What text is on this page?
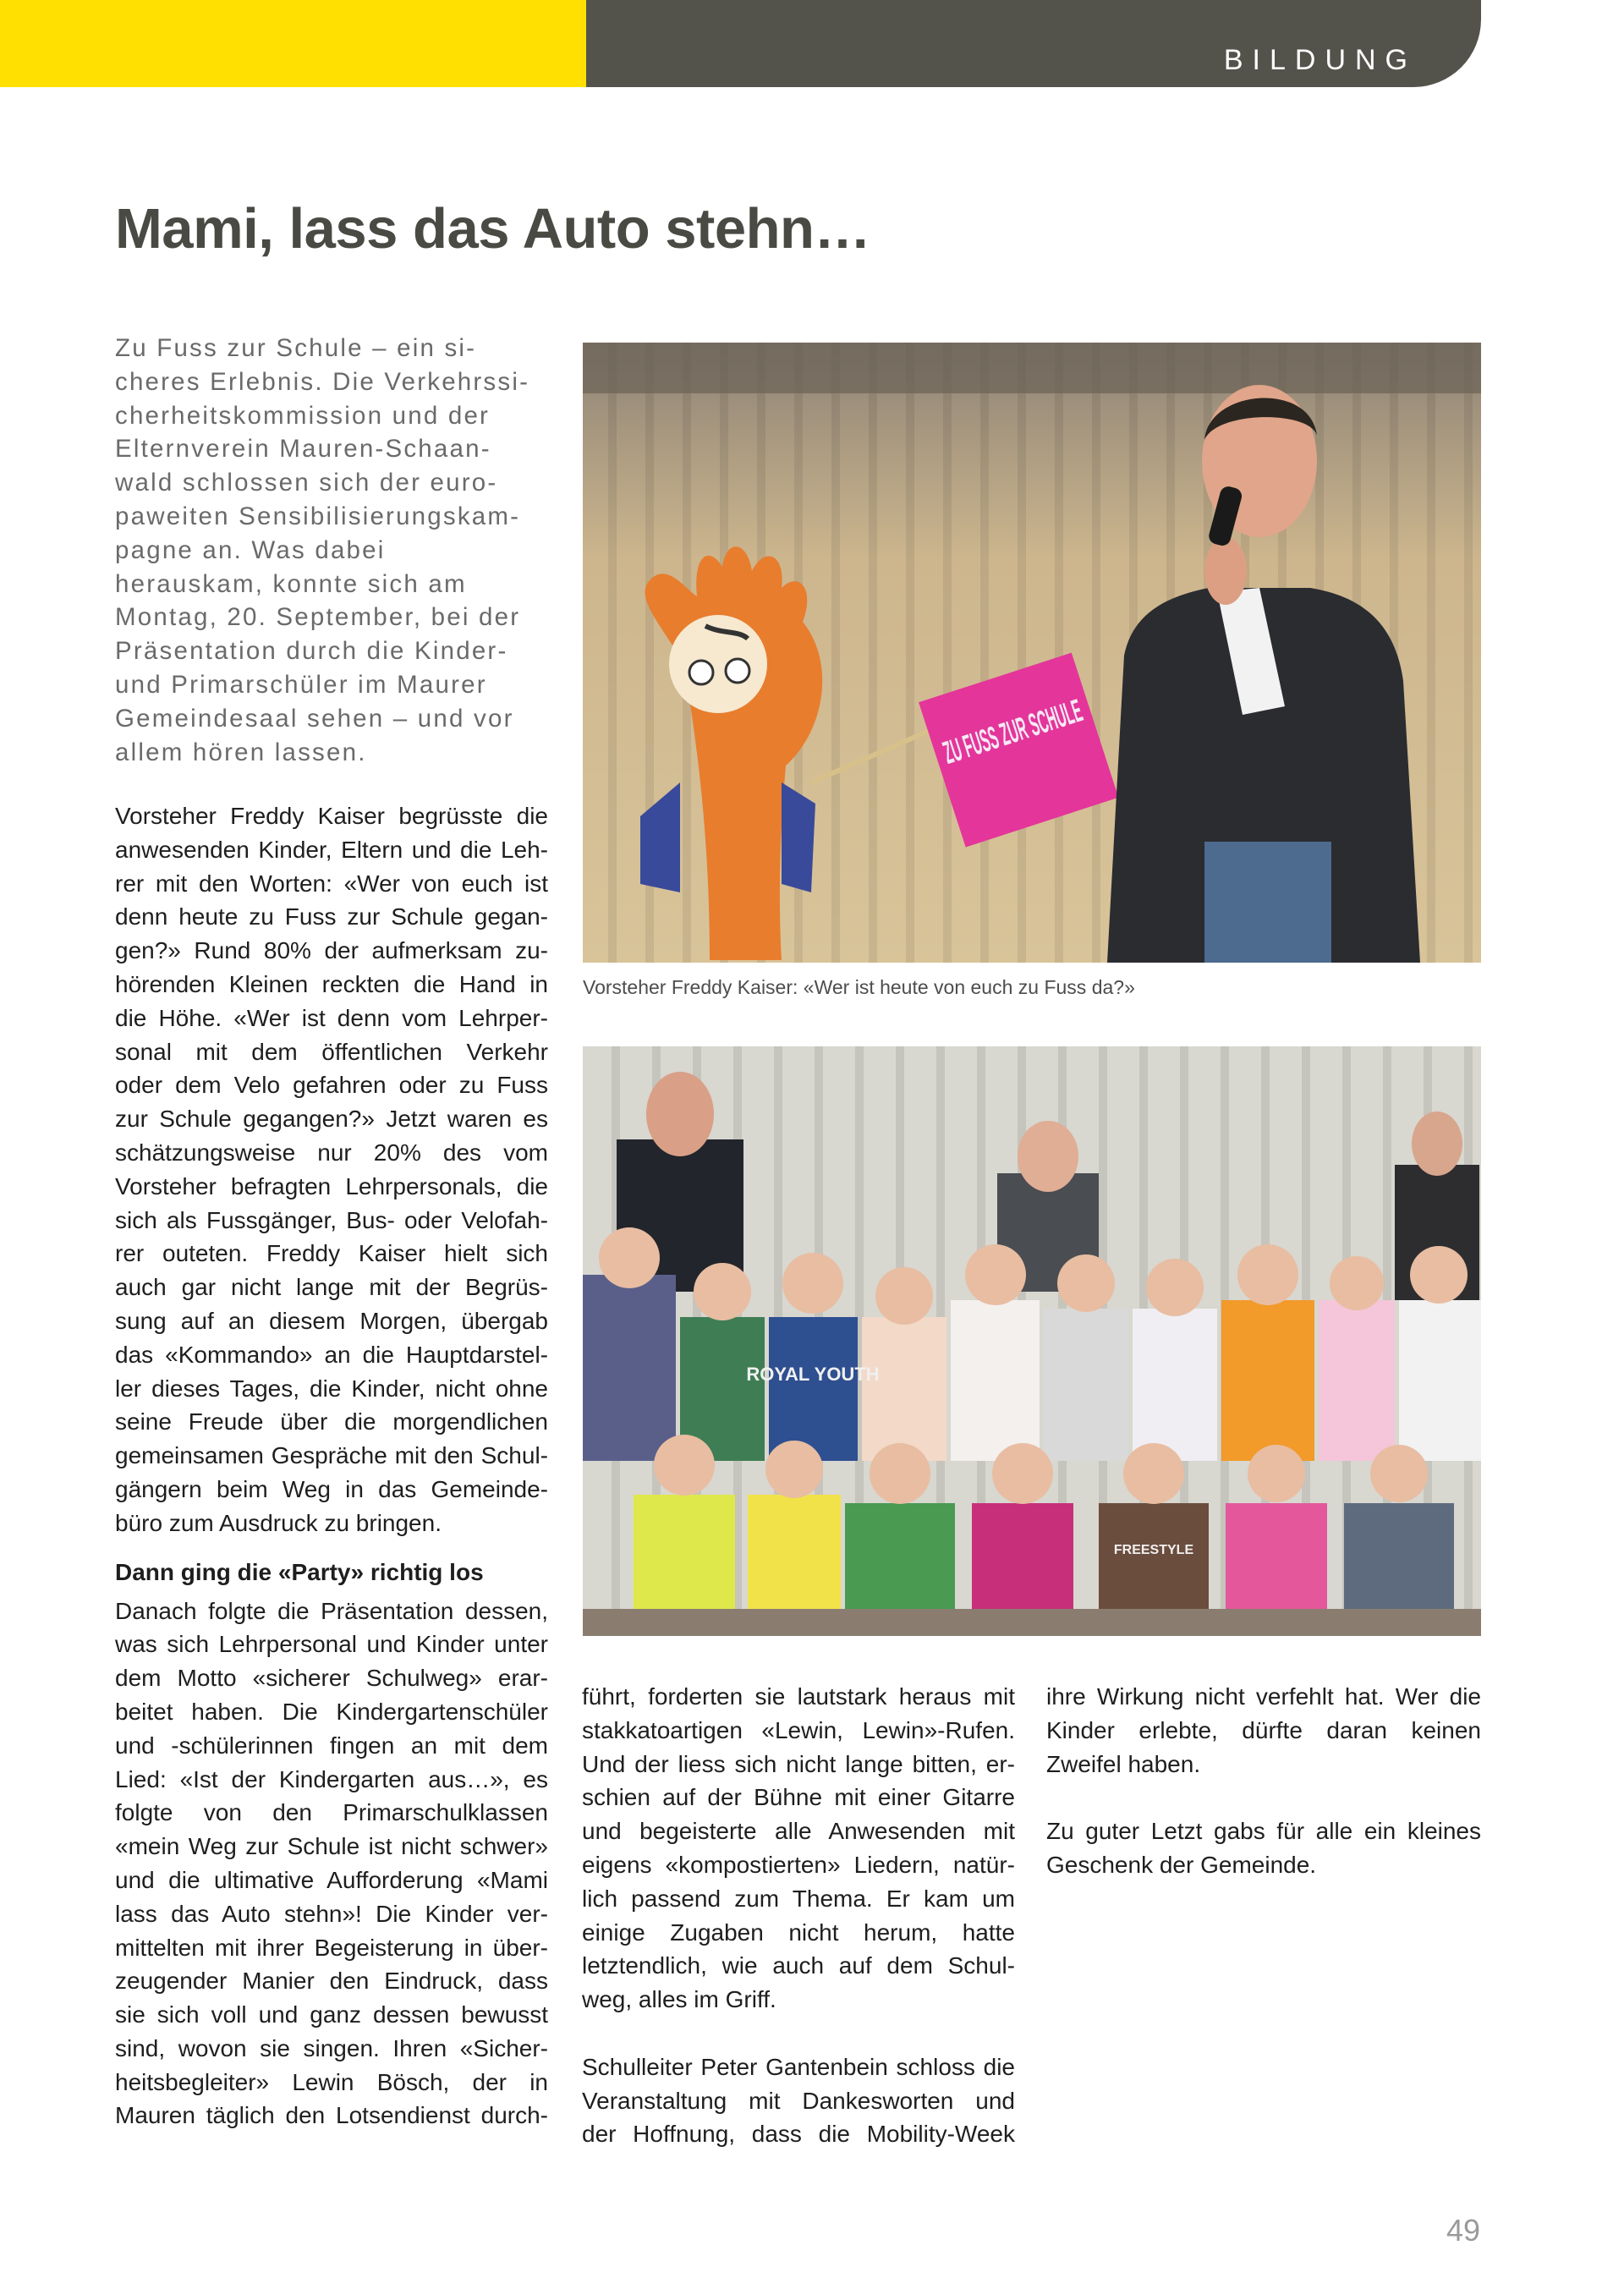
BILDUNG
Mami, lass das Auto stehn…
Zu Fuss zur Schule – ein si-
cheres Erlebnis. Die Verkehrssi-
cherheitskommission und der
Elternverein Mauren-Schaan-
wald schlossen sich der euro-
paweiten Sensibilisierungskam-
pagne an. Was dabei
herauskam, konnte sich am
Montag, 20. September, bei der
Präsentation durch die Kinder-
und Primarschüler im Maurer
Gemeindesaal sehen – und vor
allem hören lassen.
Vorsteher Freddy Kaiser begrüsste die
anwesenden Kinder, Eltern und die Leh-
rer mit den Worten: «Wer von euch ist
denn heute zu Fuss zur Schule gegan-
gen?» Rund 80% der aufmerksam zu-
hörenden Kleinen reckten die Hand in
die Höhe. «Wer ist denn vom Lehrper-
sonal mit dem öffentlichen Verkehr
oder dem Velo gefahren oder zu Fuss
zur Schule gegangen?» Jetzt waren es
schätzungsweise nur 20% des vom
Vorsteher befragten Lehrpersonals, die
sich als Fussgänger, Bus- oder Velofah-
rer outeten. Freddy Kaiser hielt sich
auch gar nicht lange mit der Begrüs-
sung auf an diesem Morgen, übergab
das «Kommando» an die Hauptdarstel-
ler dieses Tages, die Kinder, nicht ohne
seine Freude über die morgendlichen
gemeinsamen Gespräche mit den Schul-
gängern beim Weg in das Gemeinde-
büro zum Ausdruck zu bringen.
Dann ging die «Party» richtig los
Danach folgte die Präsentation dessen,
was sich Lehrpersonal und Kinder unter
dem Motto «sicherer Schulweg» erar-
beitet haben. Die Kindergartenschüler
und -schülerinnen fingen an mit dem
Lied: «Ist der Kindergarten aus…», es
folgte von den Primarschulklassen
«mein Weg zur Schule ist nicht schwer»
und die ultimative Aufforderung «Mami
lass das Auto stehn»! Die Kinder ver-
mittelten mit ihrer Begeisterung in über-
zeugender Manier den Eindruck, dass
sie sich voll und ganz dessen bewusst
sind, wovon sie singen. Ihren «Sicher-
heitsbegleiter» Lewin Bösch, der in
Mauren täglich den Lotsendienst durch-
Vorsteher Freddy Kaiser: «Wer ist heute von euch zu Fuss da?»
ROYAL YOUTH
FREESTYLE
führt, forderten sie lautstark heraus mit
stakkatoartigen «Lewin, Lewin»-Rufen.
Und der liess sich nicht lange bitten, er-
schien auf der Bühne mit einer Gitarre
und begeisterte alle Anwesenden mit
eigens «kompostierten» Liedern, natür-
lich passend zum Thema. Er kam um
einige Zugaben nicht herum, hatte
letztendlich, wie auch auf dem Schul-
weg, alles im Griff.
Schulleiter Peter Gantenbein schloss die
Veranstaltung mit Dankesworten und
der Hoffnung, dass die Mobility-Week
ihre Wirkung nicht verfehlt hat. Wer die
Kinder erlebte, dürfte daran keinen
Zweifel haben.
Zu guter Letzt gabs für alle ein kleines
Geschenk der Gemeinde.
49
